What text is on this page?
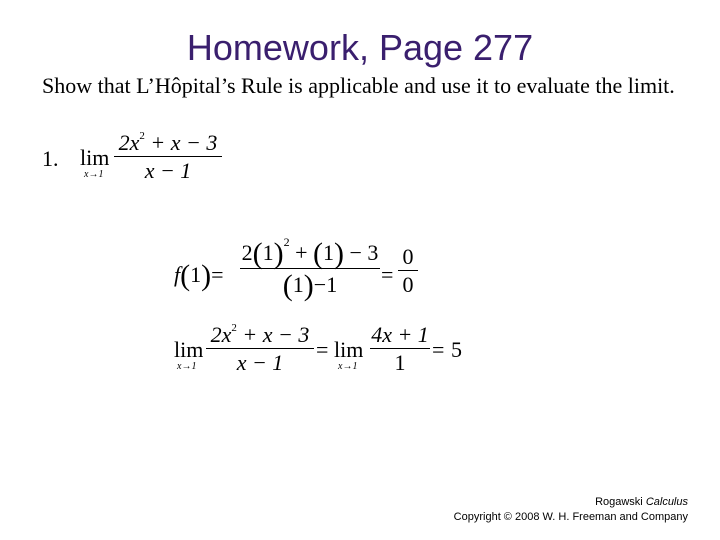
Homework, Page 277
Show that L’Hôpital’s Rule is applicable and use it to evaluate the limit.
1. lim
x→1
$2x^2 + x - 3$
x − 1
f(1)=
$2(1)^2 + (1) - 3$
(1)−1	=
0
0
lim
x→1
$2x^2 + x - 3$
x − 1
= lim
x→1
4x + 1
1
= 5
Rogawski Calculus
Copyright © 2008 W. H. Freeman and Company
